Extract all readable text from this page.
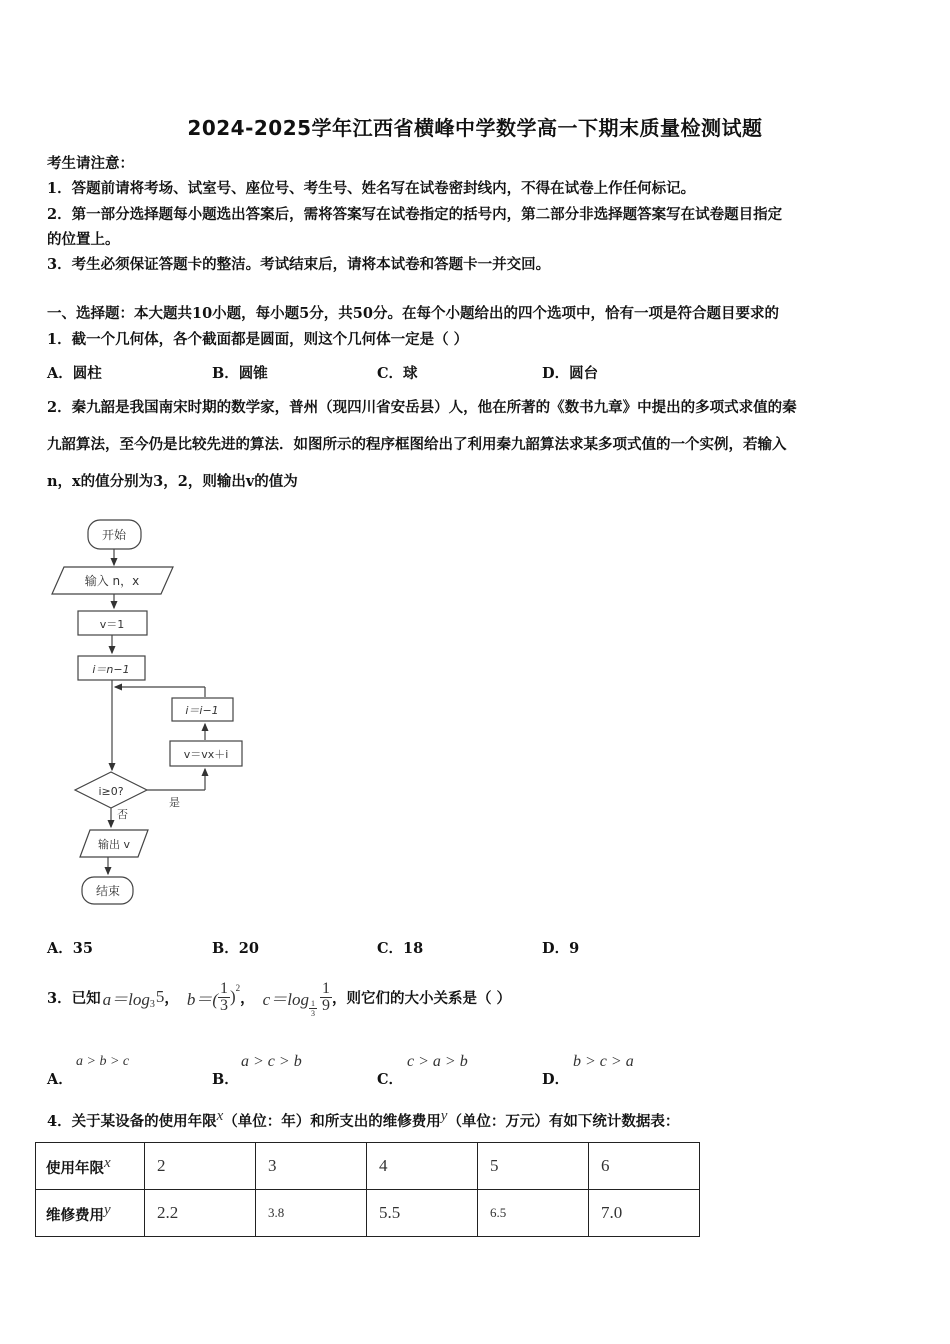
2024-2025学年江西省横峰中学数学高一下期末质量检测试题
考生请注意：
1．答题前请将考场、试室号、座位号、考生号、姓名写在试卷密封线内，不得在试卷上作任何标记。
2．第一部分选择题每小题选出答案后，需将答案写在试卷指定的括号内，第二部分非选择题答案写在试卷题目指定
的位置上。
3．考生必须保证答题卡的整洁。考试结束后，请将本试卷和答题卡一并交回。
一、选择题：本大题共10小题，每小题5分，共50分。在每个小题给出的四个选项中，恰有一项是符合题目要求的
1．截一个几何体，各个截面都是圆面，则这个几何体一定是（ ）
A．圆柱	B．圆锥	C．球	D．圆台
2．秦九韶是我国南宋时期的数学家，普州（现四川省安岳县）人，他在所著的《数书九章》中提出的多项式求值的秦
九韶算法，至今仍是比较先进的算法．如图所示的程序框图给出了利用秦九韶算法求某多项式值的一个实例，若输入
n，x的值分别为3，2，则输出v的值为
开始
输入 n，x
v＝1
i＝n−1
i＝i−1
v＝vx＋i
i≥0?
是
否
输出 v
结束
A．35	B．20	C．18	D．9
3．已知 $a=\log_3$ 5 ， $b=( \frac{1}{3} )^2$
， $c=\log \frac{1}{3} \frac{1}{9}$ ，则它们的大小关系是（ ）
A．
a > b > c
B．
a > c > b
C．
c > a > b
D．
b > c > a
4．关于某设备的使用年限$^x$（单位：年）和所支出的维修费用$^y$（单位：万元）有如下统计数据表：
使用年限$^x$	2	3	4	5	6
维修费用$^y$	2.2	3.8	5.5	6.5	7.0
